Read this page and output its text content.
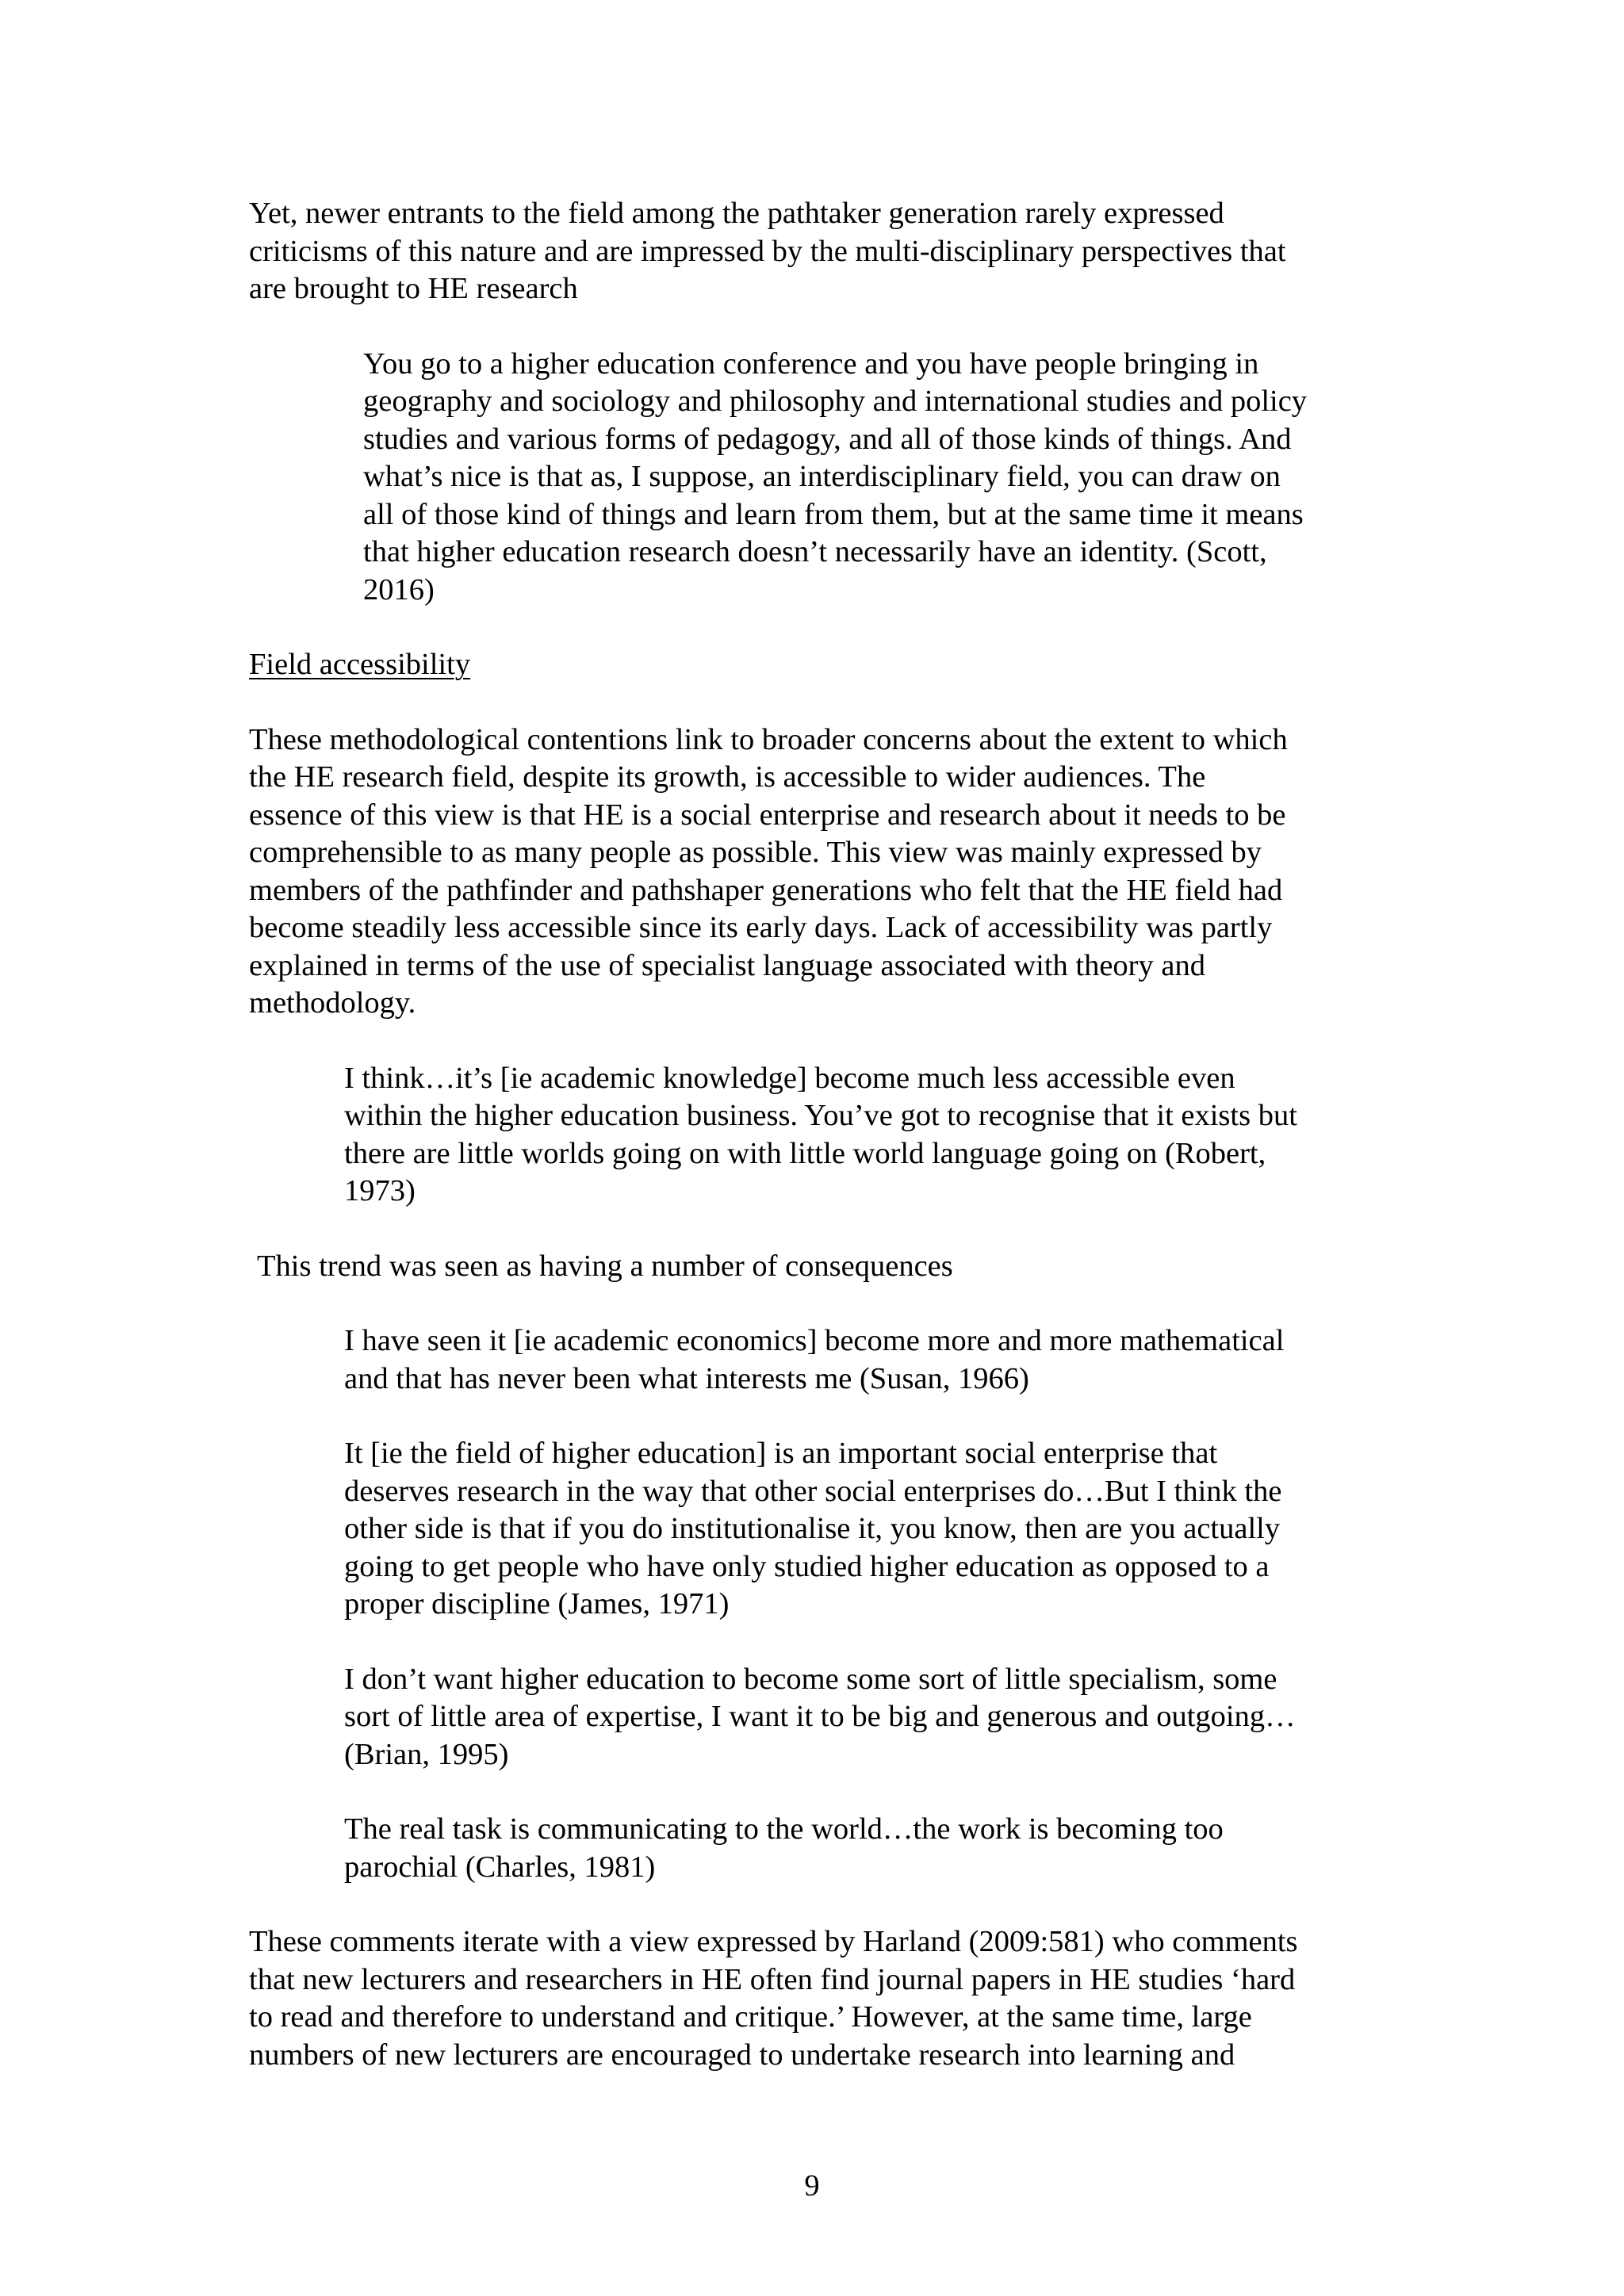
Yet, newer entrants to the field among the pathtaker generation rarely expressed
criticisms of this nature and are impressed by the multi-disciplinary perspectives that
are brought to HE research

You go to a higher education conference and you have people bringing in
geography and sociology and philosophy and international studies and policy
studies and various forms of pedagogy, and all of those kinds of things. And
what’s nice is that as, I suppose, an interdisciplinary field, you can draw on
all of those kind of things and learn from them, but at the same time it means
that higher education research doesn’t necessarily have an identity. (Scott,
2016)

Field accessibility

These methodological contentions link to broader concerns about the extent to which
the HE research field, despite its growth, is accessible to wider audiences. The
essence of this view is that HE is a social enterprise and research about it needs to be
comprehensible to as many people as possible. This view was mainly expressed by
members of the pathfinder and pathshaper generations who felt that the HE field had
become steadily less accessible since its early days. Lack of accessibility was partly
explained in terms of the use of specialist language associated with theory and
methodology.

I think…it’s [ie academic knowledge] become much less accessible even
within the higher education business. You’ve got to recognise that it exists but
there are little worlds going on with little world language going on (Robert,
1973)

This trend was seen as having a number of consequences

I have seen it [ie academic economics] become more and more mathematical
and that has never been what interests me (Susan, 1966)

It [ie the field of higher education] is an important social enterprise that
deserves research in the way that other social enterprises do…But I think the
other side is that if you do institutionalise it, you know, then are you actually
going to get people who have only studied higher education as opposed to a
proper discipline (James, 1971)

I don’t want higher education to become some sort of little specialism, some
sort of little area of expertise, I want it to be big and generous and outgoing…
(Brian, 1995)

The real task is communicating to the world…the work is becoming too
parochial (Charles, 1981)

These comments iterate with a view expressed by Harland (2009:581) who comments
that new lecturers and researchers in HE often find journal papers in HE studies ‘hard
to read and therefore to understand and critique.’ However, at the same time, large
numbers of new lecturers are encouraged to undertake research into learning and

9
